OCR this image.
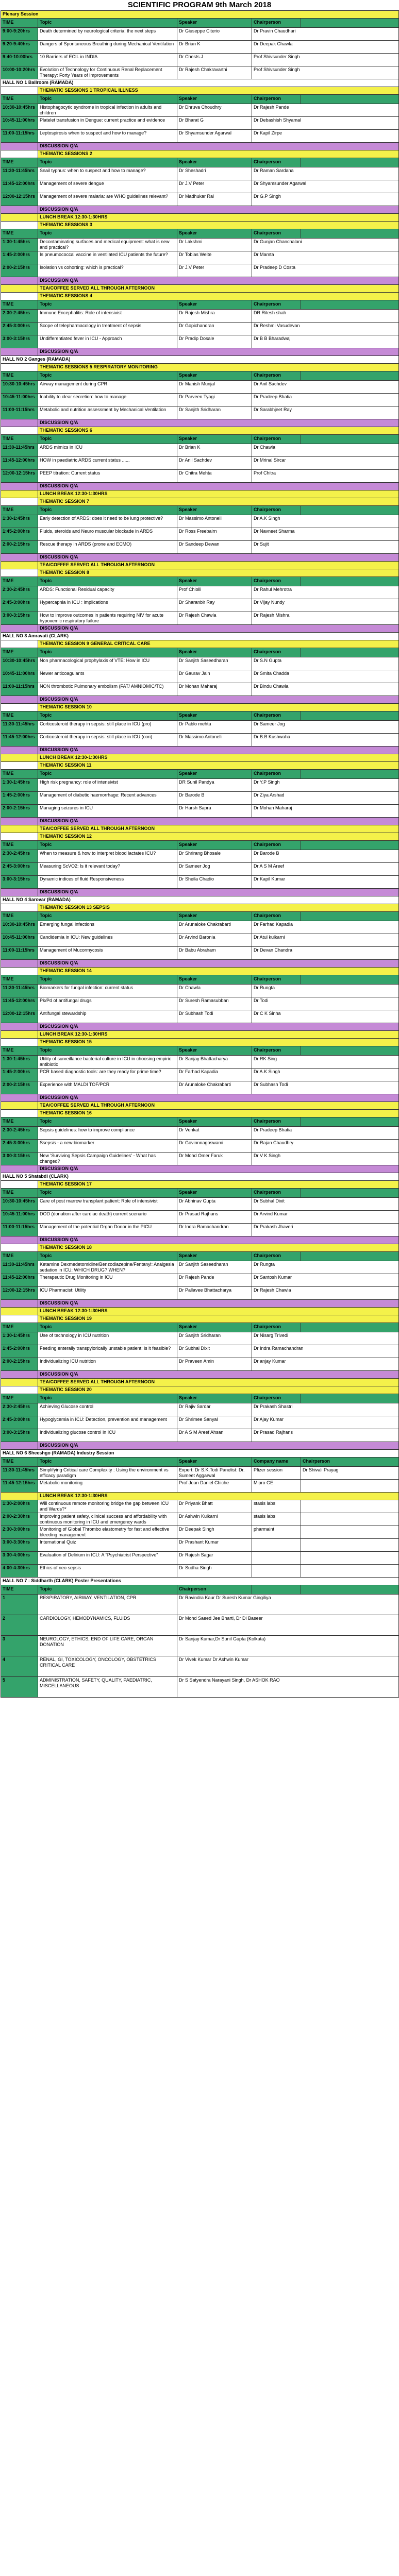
SCIENTIFIC PROGRAM 9th March 2018
Plenary Session				
TIME	Topic	Speaker	Chairperson	
9:00-9:20hrs	Death determined by neurological criteria: the next steps	Dr Giuseppe Citerio	Dr Pravin Chaudhari	
9:20-9:40hrs	Dangers of Spontaneous Breathing during Mechanical Ventilation	Dr Brian K	Dr Deepak Chawla	
9:40-10:00hrs	10 Barriers of ECIL in INDIA	Dr Chests J	Prof Shivsunder Singh	
10:00-10:20hrs	Evolution of Technology for Continuous Renal Replacement Therapy: Forty Years of Improvements	Dr Rajesh Chakravarthi	Prof Shivsunder Singh	
HALL NO 1 Ballroom (RAMADA)				
	THEMATIC SESSIONS 1 TROPICAL ILLNESS			
TIME	Topic	Speaker	Chairperson	
10:30-10:45hrs	Histophagocytic syndrome in tropical infection in adults and children	Dr Dhruva Choudhry	Dr Rajesh Pande	
10:45-11:00hrs	Platelet transfusion in Dengue: current practice and evidence	Dr Bharat G	Dr Debashish Shyamal	
11:00-11:15hrs	Leptospirosis when to suspect and how to manage?	Dr Shyamsunder Agarwal	Dr Kapil Zirpe	
	DISCUSSION Q/A			
	THEMATIC SESSIONS 2			
TIME	Topic	Speaker	Chairperson	
11:30-11:45hrs	Snail typhus: when to suspect and how to manage?	Dr Sheshadri	Dr Raman Sardana	
11:45-12:00hrs	Management of severe dengue	Dr J.V Peter	Dr Shyamsunder Agarwal	
12:00-12:15hrs	Management of severe malaria: are WHO guidelines relevant?	Dr Madhukar Rai	Dr G.P Singh	
	DISCUSSION Q/A			
	LUNCH BREAK 12:30-1:30HRS			
	THEMATIC SESSIONS 3			
TIME	Topic	Speaker	Chairperson	
1:30-1:45hrs	Decontaminating surfaces and medical equipment: what is new and practical?	Dr Lakshmi	Dr Gunjan Chanchalani	
1:45-2:00hrs	Is pneumococcal vaccine in ventilated ICU patients the future?	Dr Tobias Welte	Dr Mamta	
2:00-2:15hrs	Isolation vs cohorting: which is practical?	Dr J.V Peter	Dr Pradeep D Costa	
	DISCUSSION Q/A			
	TEA/COFFEE SERVED ALL THROUGH AFTERNOON			
	THEMATIC SESSIONS 4			
TIME	Topic	Speaker	Chairperson	
2:30-2:45hrs	Immune Encephalitis: Role of intensivist	Dr Rajesh Mishra	DR Ritesh shah	
2:45-3:00hrs	Scope of telepharmacology in treatment of sepsis	Dr Gopichandran	Dr Reshmi Vasudevan	
3:00-3:15hrs	Undifferentiated fever in ICU - Approach	Dr Pradip Dosale	Dr B B Bharadwaj	
	DISCUSSION Q/A			
HALL NO 2 Ganges (RAMADA)				
	THEMATIC SESSIONS 5 RESPIRATORY MONITORING			
TIME	Topic	Speaker	Chairperson	
10:30-10:45hrs	Airway management during CPR	Dr Manish Munjal	Dr Anil Sachdev	
10:45-11:00hrs	Inability to clear secretion: how to manage	Dr Parveen Tyagi	Dr Pradeep Bhatia	
11:00-11:15hrs	Metabolic and nutrition assessment by Mechanical Ventilation	Dr Sanjith Sridharan	Dr Sarabhjeet Ray	
	DISCUSSION Q/A			
	THEMATIC SESSIONS 6			
TIME	Topic	Speaker	Chairperson	
11:30-11:45hrs	ARDS mimics in ICU	Dr Brian K	Dr Chawla	
11:45-12:00hrs	HOW in paediatric ARDS current status ......	Dr Anil Sachdev	Dr Mrinal Sircar	
12:00-12:15hrs	PEEP titration: Current status	Dr Chitra Mehta	Prof Chitra	
	DISCUSSION Q/A			
	LUNCH BREAK 12:30-1:30HRS			
	THEMATIC SESSION 7			
TIME	Topic	Speaker	Chairperson	
1:30-1:45hrs	Early detection of ARDS: does it need to be lung protective?	Dr Massimo Antonelli	Dr A.K Singh	
1:45-2:00hrs	Fluids, steroids and Neuro muscular blockade in ARDS	Dr Ross Freebairn	Dr Navneet Sharma	
2:00-2:15hrs	Rescue therapy in ARDS (prone and ECMO)	Dr Sandeep Dewan	Dr Sujit	
	DISCUSSION Q/A			
	TEA/COFFEE SERVED ALL THROUGH AFTERNOON			
	THEMATIC SESSION 8			
TIME	Topic	Speaker	Chairperson	
2:30-2:45hrs	ARDS: Functional Residual capacity	Prof Chiolli	Dr Rahul Mehrotra	
2:45-3:00hrs	Hypercapnia in ICU : implications	Dr Sharanbir Ray	Dr Vijay Nundy	
3:00-3:15hrs	How to improve outcomes in patients requiring NIV for acute hypoxemic respiratory failure	Dr Rajesh Chawla	Dr Rajesh Mishra	
	DISCUSSION Q/A			
HALL NO 3 Amravati (CLARK)				
	THEMATIC SESSION 9 GENERAL CRITICAL CARE			
TIME	Topic	Speaker	Chairperson	
10:30-10:45hrs	Non pharmacological prophylaxis of VTE: How in ICU	Dr Sanjith Saseedharan	Dr S.N Gupta	
10:45-11:00hrs	Newer anticoagulants	Dr Gaurav Jain	Dr Smita Chadda	
11:00-11:15hrs	NON thrombotic Pulmonary embolism (FAT/ AMNIOMIC/TC)	Dr Mohan Maharaj	Dr Bindu Chawla	
	DISCUSSION Q/A			
	THEMATIC SESSION 10			
TIME	Topic	Speaker	Chairperson	
11:30-11:45hrs	Corticosteroid therapy in sepsis: still place in ICU (pro)	Dr Pablo mehta	Dr Sameer Jog	
11:45-12:00hrs	Corticosteroid therapy in sepsis: still place in ICU (con)	Dr Massimo Antonelli	Dr B.B Kushwaha	
	DISCUSSION Q/A			
	LUNCH BREAK 12:30-1:30HRS			
	THEMATIC SESSION 11			
TIME	Topic	Speaker	Chairperson	
1:30-1:45hrs	High risk pregnancy: role of intensivist	DR Sunil Pandya	Dr Y.P Singh	
1:45-2:00hrs	Management of diabetic haemorrhage: Recent advances	Dr Barode B	Dr Ziya Arshad	
2:00-2:15hrs	Managing seizures in ICU	Dr Harsh Sapra	Dr Mohan Maharaj	
	DISCUSSION Q/A			
	TEA/COFFEE SERVED ALL THROUGH AFTERNOON			
	THEMATIC SESSION 12			
TIME	Topic	Speaker	Chairperson	
2:30-2:45hrs	When to measure & how to interpret blood lactates ICU?	Dr Shrirang Bhosale	Dr Barode B	
2:45-3:00hrs	Measuring ScVO2: Is it relevant today?	Dr Sameer Jog	Dr A S M Areef	
3:00-3:15hrs	Dynamic indices of fluid Responsiveness	Dr Sheila Chadio	Dr Kapil Kumar	
	DISCUSSION Q/A			
HALL NO 4 Sarovar (RAMADA)				
	THEMATIC SESSION 13 SEPSIS			
TIME	Topic	Speaker	Chairperson	
10:30-10:45hrs	Emerging fungal infections	Dr Arunaloke Chakrabarti	Dr Farhad Kapadia	
10:45-11:00hrs	Candidemia in ICU: New guidelines	Dr Arvind Baronia	Dr Atul kulkarni	
11:00-11:15hrs	Management of Mucormycosis	Dr Babu Abraham	Dr Devan Chandra	
	DISCUSSION Q/A			
	THEMATIC SESSION 14			
TIME	Topic	Speaker	Chairperson	
11:30-11:45hrs	Biomarkers for fungal infection: current status	Dr Chawla	Dr Rungta	
11:45-12:00hrs	Pk/Pd of antifungal drugs	Dr Suresh Ramasubban	Dr Todi	
12:00-12:15hrs	Antifungal stewardship	Dr Subhash Todi	Dr C K Sinha	
	DISCUSSION Q/A			
	LUNCH BREAK 12:30-1:30HRS			
	THEMATIC SESSION 15			
TIME	Topic	Speaker	Chairperson	
1:30-1:45hrs	Utility of surveillance bacterial culture in ICU in choosing empiric antibiotic	Dr Sanjay Bhattacharya	Dr RK Sing	
1:45-2:00hrs	PCR based diagnostic tools: are they ready for prime time?	Dr Farhad Kapadia	Dr A.K Singh	
2:00-2:15hrs	Experience with MALDI TOF/PCR	Dr Arunaloke Chakrabarti	Dr Subhash Todi	
	DISCUSSION Q/A			
	TEA/COFFEE SERVED ALL THROUGH AFTERNOON			
	THEMATIC SESSION 16			
TIME	Topic	Speaker	Chairperson	
2:30-2:45hrs	Sepsis guidelines: how to improve compliance	Dr Venkat	Dr Pradeep Bhatia	
2:45-3:00hrs	Ssepsis - a new biomarker	Dr Govinnnagoswami	Dr Rajan Chaudhry	
3:00-3:15hrs	New 'Surviving Sepsis Campaign Guidelines' - What has changed?	Dr Mohd Omer Faruk	Dr V K Singh	
	DISCUSSION Q/A			
HALL NO 5 Shatabdi (CLARK)				
	THEMATIC SESSION 17			
TIME	Topic	Speaker	Chairperson	
10:30-10:45hrs	Care of post marrow transplant patient: Role of intensivist	Dr Abhinav Gupta	Dr Subhal Dixit	
10:45-11:00hrs	DOD (donation after cardiac death) current scenario	Dr Prasad Rajhans	Dr Arvind Kumar	
11:00-11:15hrs	Management of the potential Organ Donor in the PICU	Dr Indra Ramachandran	Dr Prakash Jhaveri	
	DISCUSSION Q/A			
	THEMATIC SESSION 18			
TIME	Topic	Speaker	Chairperson	
11:30-11:45hrs	Ketamine Dexmedetomidine/Benzodiazepine/Fentanyl: Analgesia sedation in ICU: WHICH DRUG? WHEN?	Dr Sanjith Saseedharan	Dr Rungta	
11:45-12:00hrs	Therapeutic Drug Monitoring in ICU	Dr Rajesh Pande	Dr Santosh Kumar	
12:00-12:15hrs	ICU Pharmacist: Utility	Dr Pallavee Bhattacharya	Dr Rajesh Chawla	
	DISCUSSION Q/A			
	LUNCH BREAK 12:30-1:30HRS			
	THEMATIC SESSION 19			
TIME	Topic	Speaker	Chairperson	
1:30-1:45hrs	Use of technology in ICU nutrition	Dr Sanjith Sridharan	Dr Nisarg Trivedi	
1:45-2:00hrs	Feeding enterally transpylorically unstable patient: is it feasible?	Dr Subhal Dixit	Dr Indra Ramachandran	
2:00-2:15hrs	Individualizing ICU nutrition	Dr Praveen Amin	Dr anjay Kumar	
	DISCUSSION Q/A			
	TEA/COFFEE SERVED ALL THROUGH AFTERNOON			
	THEMATIC SESSION 20			
TIME	Topic	Speaker	Chairperson	
2:30-2:45hrs	Achieving Glucose control	Dr Rajiv Sardar	Dr Prakash Shastri	
2:45-3:00hrs	Hypoglycemia in ICU: Detection, prevention and management	Dr Shrimee Sanyal	Dr Ajay Kumar	
3:00-3:15hrs	Individualizing glucose control in ICU	Dr A S M Areef Ahsan	Dr Prasad Rajhans	
	DISCUSSION Q/A			
HALL NO 6 Sheeshgo (RAMADA) Industry Session				
TIME	Topic	Speaker	Company name	Chairperson
11:30-11:45hrs	Simplifying Critical care Complexity : Using the environment vs efficacy paradigm	Expert: Dr S.K.Todi Panelist: Dr. Sumeet Aggarwal	Pfizer session	Dr Shivali Prayag
11:45-12:15hrs	Metabolic monitoring	Prof Jean Daniel Chiche	Mipro GE	
	LUNCH BREAK 12:30-1:30HRS			
1:30-2:00hrs	Will continuous remote monitoring bridge the gap between ICU and Wards?*	Dr Priyank Bhatt	stasis labs	
2:00-2:30hrs	Improving patient safety, clinical success and affordability with continuous monitoring in ICU and emergency wards	Dr Ashwin Kulkarni	stasis labs	
2:30-3:00hrs	Monitoring of Global Thrombo elastometry for fast and effective bleeding management	Dr Deepak Singh	pharmaint	
3:00-3:30hrs	International Quiz	Dr Prashant Kumar		
3:30-4:00hrs	Evaluation of Delirium in ICU: A "Psychiatrist Perspective"	Dr Rajesh Sagar		
4:00-4:30hrs	Ethics of neo sepsis	Dr Sudha Singh		
HALL NO 7 : Siddharth (CLARK) Poster Presentations				
TIME	Topic	Chairperson		
1	RESPIRATORY, AIRWAY, VENTILATION, CPR	Dr Ravindra Kaur Dr Suresh Kumar Gingiliya		
2	CARDIOLOGY, HEMODYNAMICS, FLUIDS	Dr Mohd Saeed Jee Bharti, Dr Di Baseer		
3	NEUROLOGY, ETHICS, END OF LIFE CARE, ORGAN DONATION	Dr Sanjay Kumar,Dr Sunil Gupta (Kolkata)		
4	RENAL, GI, TOXICOLOGY, ONCOLOGY, OBSTETRICS CRITICAL CARE	Dr Vivek Kumar Dr Ashwin Kumar		
5	ADMINISTRATION, SAFETY, QUALITY, PAEDIATRIC, MISCELLANEOUS	Dr S Satyendra Narayani Singh, Dr ASHOK RAO		
